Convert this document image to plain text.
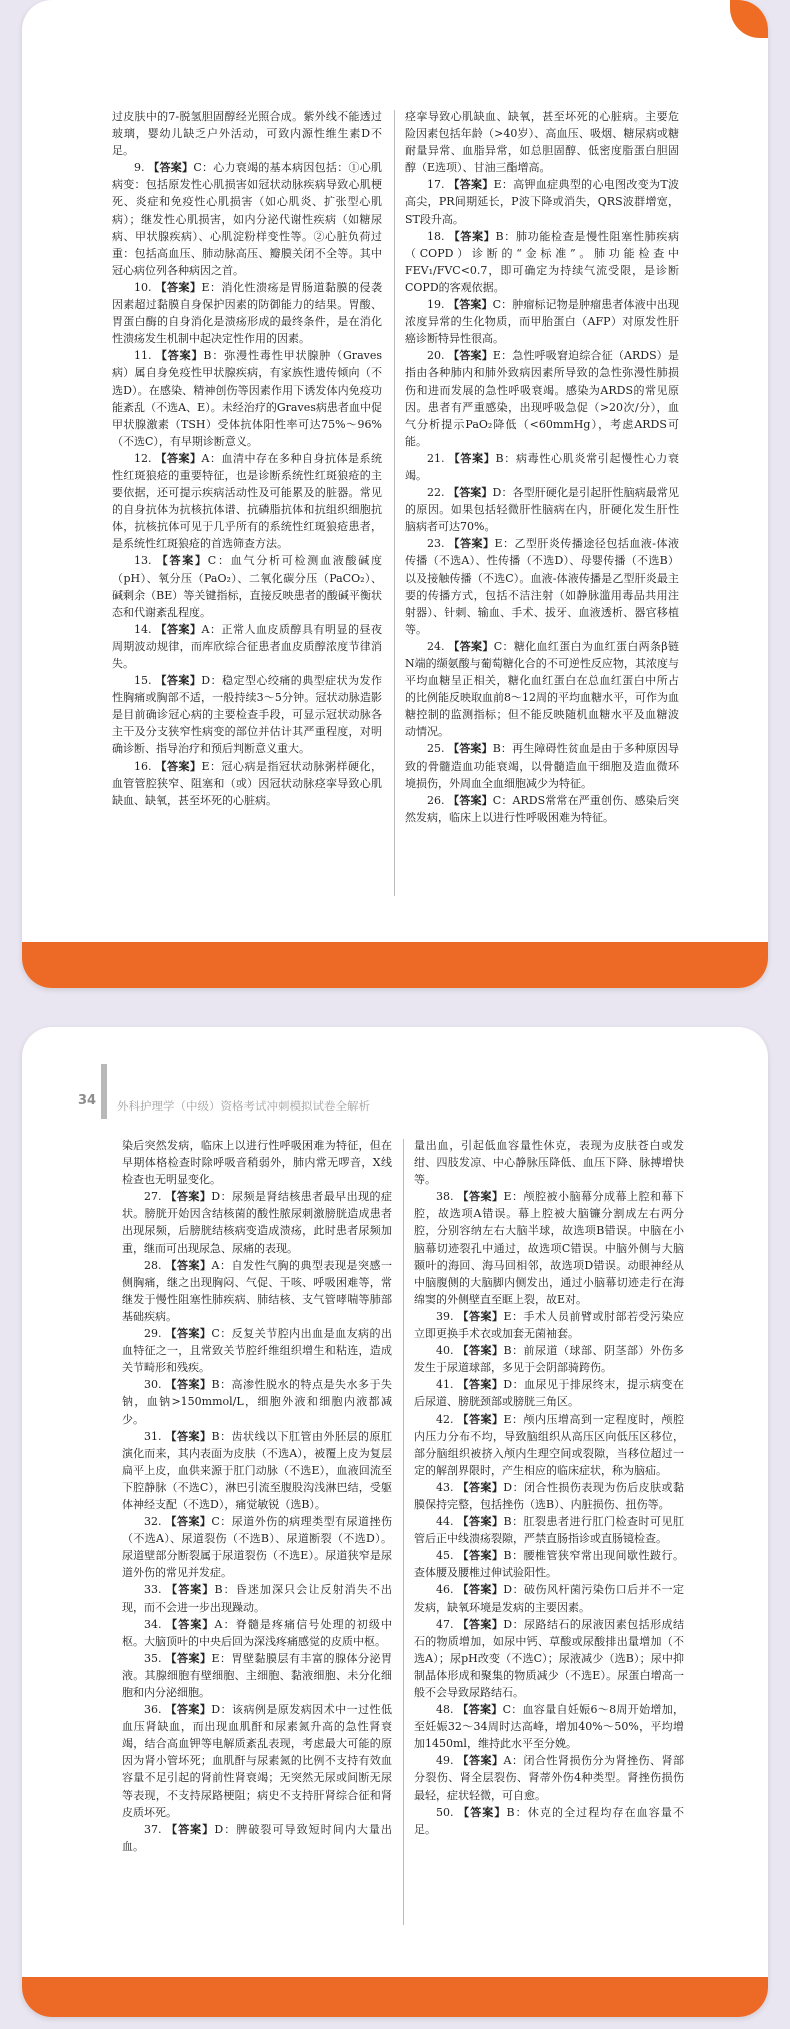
34 外科护理学（中级）资格考试冲刺模拟试卷全解析

过皮肤中的7-脱氢胆固醇经光照合成。紫外线不能透过玻璃，婴幼儿缺乏户外活动，可致内源性维生素D不足。

9. 【答案】C：心力衰竭的基本病因包括：①心肌病变：包括原发性心肌损害如冠状动脉疾病导致心肌梗死、炎症和免疫性心肌损害（如心肌炎、扩张型心肌病）；继发性心肌损害，如内分泌代谢性疾病（如糖尿病、甲状腺疾病）、心肌淀粉样变性等。②心脏负荷过重：包括高血压、肺动脉高压、瓣膜关闭不全等。其中冠心病位列各种病因之首。

10. 【答案】E：消化性溃疡是胃肠道黏膜的侵袭因素超过黏膜自身保护因素的防御能力的结果。胃酸、胃蛋白酶的自身消化是溃疡形成的最终条件，是在消化性溃疡发生机制中起决定性作用的因素。

11. 【答案】B：弥漫性毒性甲状腺肿（Graves病）属自身免疫性甲状腺疾病，有家族性遗传倾向（不选D）。在感染、精神创伤等因素作用下诱发体内免疫功能紊乱（不选A、E）。未经治疗的Graves病患者血中促甲状腺激素（TSH）受体抗体阳性率可达75%～96%（不选C），有早期诊断意义。

12. 【答案】A：血清中存在多种自身抗体是系统性红斑狼疮的重要特征，也是诊断系统性红斑狼疮的主要依据，还可提示疾病活动性及可能累及的脏器。常见的自身抗体为抗核抗体谱、抗磷脂抗体和抗组织细胞抗体，抗核抗体可见于几乎所有的系统性红斑狼疮患者，是系统性红斑狼疮的首选筛查方法。

13. 【答案】C：血气分析可检测血液酸碱度（pH）、氧分压（PaO₂）、二氧化碳分压（PaCO₂）、碱剩余（BE）等关键指标，直接反映患者的酸碱平衡状态和代谢紊乱程度。

14. 【答案】A：正常人血皮质醇具有明显的昼夜周期波动规律，而库欣综合征患者血皮质醇浓度节律消失。

15. 【答案】D：稳定型心绞痛的典型症状为发作性胸痛或胸部不适，一般持续3～5分钟。冠状动脉造影是目前确诊冠心病的主要检查手段，可显示冠状动脉各主干及分支狭窄性病变的部位并估计其严重程度，对明确诊断、指导治疗和预后判断意义重大。

16. 【答案】E：冠心病是指冠状动脉粥样硬化，血管管腔狭窄、阻塞和（或）因冠状动脉痉挛导致心肌缺血、缺氧，甚至坏死的心脏病。

痉挛导致心肌缺血、缺氧，甚至坏死的心脏病。主要危险因素包括年龄（>40岁）、高血压、吸烟、糖尿病或糖耐量异常、血脂异常，如总胆固醇、低密度脂蛋白胆固醇（E选项）、甘油三酯增高。

17. 【答案】E：高钾血症典型的心电图改变为T波高尖，PR间期延长，P波下降或消失，QRS波群增宽，ST段升高。

18. 【答案】B：肺功能检查是慢性阻塞性肺疾病（COPD）诊断的“金标准”。肺功能检查中FEV₁/FVC<0.7，即可确定为持续气流受限，是诊断COPD的客观依据。

19. 【答案】C：肿瘤标记物是肿瘤患者体液中出现浓度异常的生化物质，而甲胎蛋白（AFP）对原发性肝癌诊断特异性很高。

20. 【答案】E：急性呼吸窘迫综合征（ARDS）是指由各种肺内和肺外致病因素所导致的急性弥漫性肺损伤和进而发展的急性呼吸衰竭。感染为ARDS的常见原因。患者有严重感染，出现呼吸急促（>20次/分），血气分析提示PaO₂降低（<60mmHg），考虑ARDS可能。

21. 【答案】B：病毒性心肌炎常引起慢性心力衰竭。

22. 【答案】D：各型肝硬化是引起肝性脑病最常见的原因。如果包括轻微肝性脑病在内，肝硬化发生肝性脑病者可达70%。

23. 【答案】E：乙型肝炎传播途径包括血液-体液传播（不选A）、性传播（不选D）、母婴传播（不选B）以及接触传播（不选C）。血液-体液传播是乙型肝炎最主要的传播方式，包括不洁注射（如静脉滥用毒品共用注射器）、针刺、输血、手术、拔牙、血液透析、器官移植等。

24. 【答案】C：糖化血红蛋白为血红蛋白两条β链N端的缬氨酸与葡萄糖化合的不可逆性反应物，其浓度与平均血糖呈正相关，糖化血红蛋白在总血红蛋白中所占的比例能反映取血前8～12周的平均血糖水平，可作为血糖控制的监测指标；但不能反映随机血糖水平及血糖波动情况。

25. 【答案】B：再生障碍性贫血是由于多种原因导致的骨髓造血功能衰竭，以骨髓造血干细胞及造血微环境损伤，外周血全血细胞减少为特征。

26. 【答案】C：ARDS常常在严重创伤、感染后突然发病，临床上以进行性呼吸困难为特征。

染后突然发病，临床上以进行性呼吸困难为特征，但在早期体格检查时除呼吸音稍弱外，肺内常无啰音，X线检查也无明显变化。

27. 【答案】D：尿频是肾结核患者最早出现的症状。膀胱开始因含结核菌的酸性脓尿刺激膀胱造成患者出现尿频，后膀胱结核病变造成溃疡，此时患者尿频加重，继而可出现尿急、尿痛的表现。

28. 【答案】A：自发性气胸的典型表现是突感一侧胸痛，继之出现胸闷、气促、干咳、呼吸困难等，常继发于慢性阻塞性肺疾病、肺结核、支气管哮喘等肺部基础疾病。

29. 【答案】C：反复关节腔内出血是血友病的出血特征之一，且常致关节腔纤维组织增生和粘连，造成关节畸形和残疾。

30. 【答案】B：高渗性脱水的特点是失水多于失钠，血钠>150mmol/L，细胞外液和细胞内液都减少。

31. 【答案】B：齿状线以下肛管由外胚层的原肛演化而来，其内表面为皮肤（不选A），被覆上皮为复层扁平上皮，血供来源于肛门动脉（不选E），血液回流至下腔静脉（不选C），淋巴引流至腹股沟浅淋巴结，受躯体神经支配（不选D），痛觉敏锐（选B）。

32. 【答案】C：尿道外伤的病理类型有尿道挫伤（不选A）、尿道裂伤（不选B）、尿道断裂（不选D）。尿道壁部分断裂属于尿道裂伤（不选E）。尿道狭窄是尿道外伤的常见并发症。

33. 【答案】B：昏迷加深只会让反射消失不出现，而不会进一步出现躁动。

34. 【答案】A：脊髓是疼痛信号处理的初级中枢。大脑顶叶的中央后回为深浅疼痛感觉的皮质中枢。

35. 【答案】E：胃壁黏膜层有丰富的腺体分泌胃液。其腺细胞有壁细胞、主细胞、黏液细胞、未分化细胞和内分泌细胞。

36. 【答案】D：该病例是原发病因术中一过性低血压肾缺血，而出现血肌酐和尿素氮升高的急性肾衰竭，结合高血钾等电解质紊乱表现，考虑最大可能的原因为肾小管坏死；血肌酐与尿素氮的比例不支持有效血容量不足引起的肾前性肾衰竭；无突然无尿或间断无尿等表现，不支持尿路梗阻；病史不支持肝肾综合征和肾皮质坏死。

37. 【答案】D：脾破裂可导致短时间内大量出血。

量出血，引起低血容量性休克，表现为皮肤苍白或发绀、四肢发凉、中心静脉压降低、血压下降、脉搏增快等。

38. 【答案】E：颅腔被小脑幕分成幕上腔和幕下腔，故选项A错误。幕上腔被大脑镰分割成左右两分腔，分别容纳左右大脑半球，故选项B错误。中脑在小脑幕切迹裂孔中通过，故选项C错误。中脑外侧与大脑颞叶的海回、海马回相邻，故选项D错误。动眼神经从中脑腹侧的大脑脚内侧发出，通过小脑幕切迹走行在海绵窦的外侧壁直至眶上裂，故E对。

39. 【答案】E：手术人员前臂或肘部若受污染应立即更换手术衣或加套无菌袖套。

40. 【答案】B：前尿道（球部、阴茎部）外伤多发生于尿道球部，多见于会阴部骑跨伤。

41. 【答案】D：血尿见于排尿终末，提示病变在后尿道、膀胱颈部或膀胱三角区。

42. 【答案】E：颅内压增高到一定程度时，颅腔内压力分布不均，导致脑组织从高压区向低压区移位，部分脑组织被挤入颅内生理空间或裂隙，当移位超过一定的解剖界限时，产生相应的临床症状，称为脑疝。

43. 【答案】D：闭合性损伤表现为伤后皮肤或黏膜保持完整，包括挫伤（选B）、内脏损伤、扭伤等。

44. 【答案】B：肛裂患者进行肛门检查时可见肛管后正中线溃疡裂隙，严禁直肠指诊或直肠镜检查。

45. 【答案】B：腰椎管狭窄常出现间歇性跛行。查体腰及腰椎过伸试验阳性。

46. 【答案】D：破伤风杆菌污染伤口后并不一定发病，缺氧环境是发病的主要因素。

47. 【答案】D：尿路结石的尿液因素包括形成结石的物质增加，如尿中钙、草酸或尿酸排出量增加（不选A）；尿pH改变（不选C）；尿液减少（选B）；尿中抑制晶体形成和聚集的物质减少（不选E）。尿蛋白增高一般不会导致尿路结石。

48. 【答案】C：血容量自妊娠6～8周开始增加，至妊娠32～34周时达高峰，增加40%～50%，平均增加1450ml，维持此水平至分娩。

49. 【答案】A：闭合性肾损伤分为肾挫伤、肾部分裂伤、肾全层裂伤、肾蒂外伤4种类型。肾挫伤损伤最轻，症状轻微，可自愈。

50. 【答案】B：休克的全过程均存在血容量不足。
